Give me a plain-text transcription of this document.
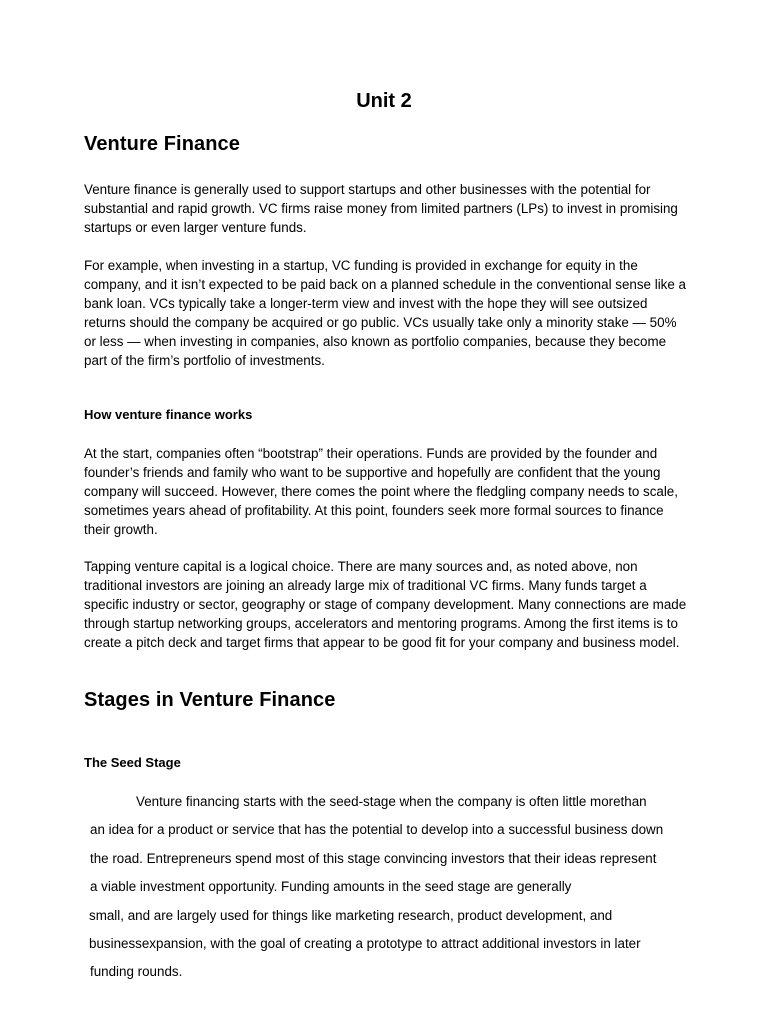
Unit 2
Venture Finance

Venture finance is generally used to support startups and other businesses with the potential for substantial and rapid growth. VC firms raise money from limited partners (LPs) to invest in promising startups or even larger venture funds.

For example, when investing in a startup, VC funding is provided in exchange for equity in the company, and it isn’t expected to be paid back on a planned schedule in the conventional sense like a bank loan. VCs typically take a longer-term view and invest with the hope they will see outsized returns should the company be acquired or go public. VCs usually take only a minority stake — 50% or less — when investing in companies, also known as portfolio companies, because they become part of the firm’s portfolio of investments.

How venture finance works

At the start, companies often “bootstrap” their operations. Funds are provided by the founder and founder’s friends and family who want to be supportive and hopefully are confident that the young company will succeed. However, there comes the point where the fledgling company needs to scale, sometimes years ahead of profitability. At this point, founders seek more formal sources to finance their growth.

Tapping venture capital is a logical choice. There are many sources and, as noted above, non traditional investors are joining an already large mix of traditional VC firms. Many funds target a specific industry or sector, geography or stage of company development. Many connections are made through startup networking groups, accelerators and mentoring programs. Among the first items is to create a pitch deck and target firms that appear to be good fit for your company and business model.

Stages in Venture Finance
The Seed Stage
Venture financing starts with the seed-stage when the company is often little morethan
an idea for a product or service that has the potential to develop into a successful business down
the road. Entrepreneurs spend most of this stage convincing investors that their ideas represent
a viable investment opportunity. Funding amounts in the seed stage are generally
small, and are largely used for things like marketing research, product development, and
businessexpansion, with the goal of creating a prototype to attract additional investors in later
funding rounds.
